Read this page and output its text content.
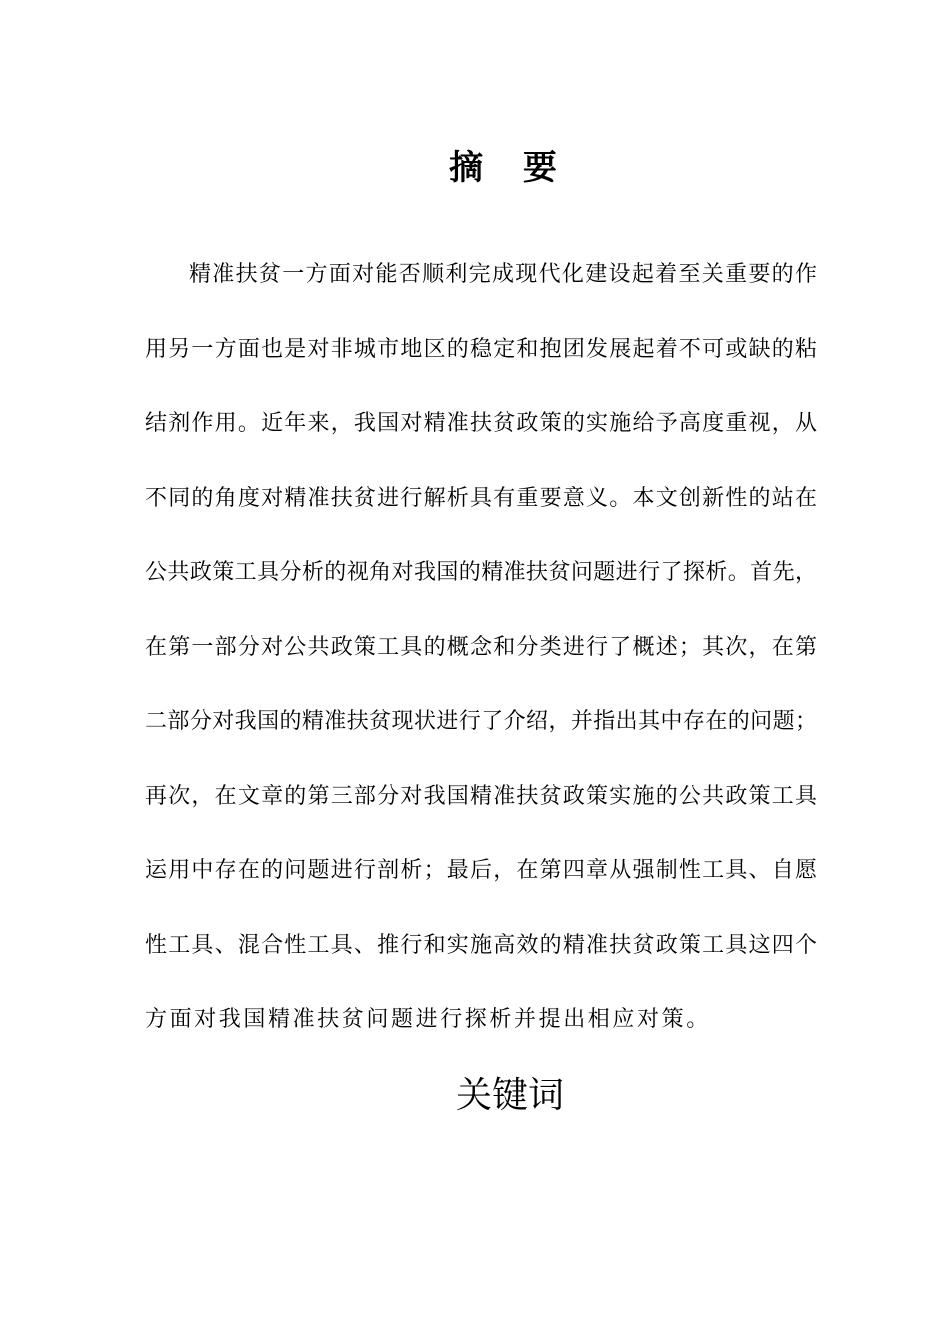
摘 要

精准扶贫一方面对能否顺利完成现代化建设起着至关重要的作
用另一方面也是对非城市地区的稳定和抱团发展起着不可或缺的粘
结剂作用。近年来，我国对精准扶贫政策的实施给予高度重视，从
不同的角度对精准扶贫进行解析具有重要意义。本文创新性的站在
公共政策工具分析的视角对我国的精准扶贫问题进行了探析。首先，
在第一部分对公共政策工具的概念和分类进行了概述；其次，在第
二部分对我国的精准扶贫现状进行了介绍，并指出其中存在的问题；
再次，在文章的第三部分对我国精准扶贫政策实施的公共政策工具
运用中存在的问题进行剖析；最后，在第四章从强制性工具、自愿
性工具、混合性工具、推行和实施高效的精准扶贫政策工具这四个
方面对我国精准扶贫问题进行探析并提出相应对策。

关键词
